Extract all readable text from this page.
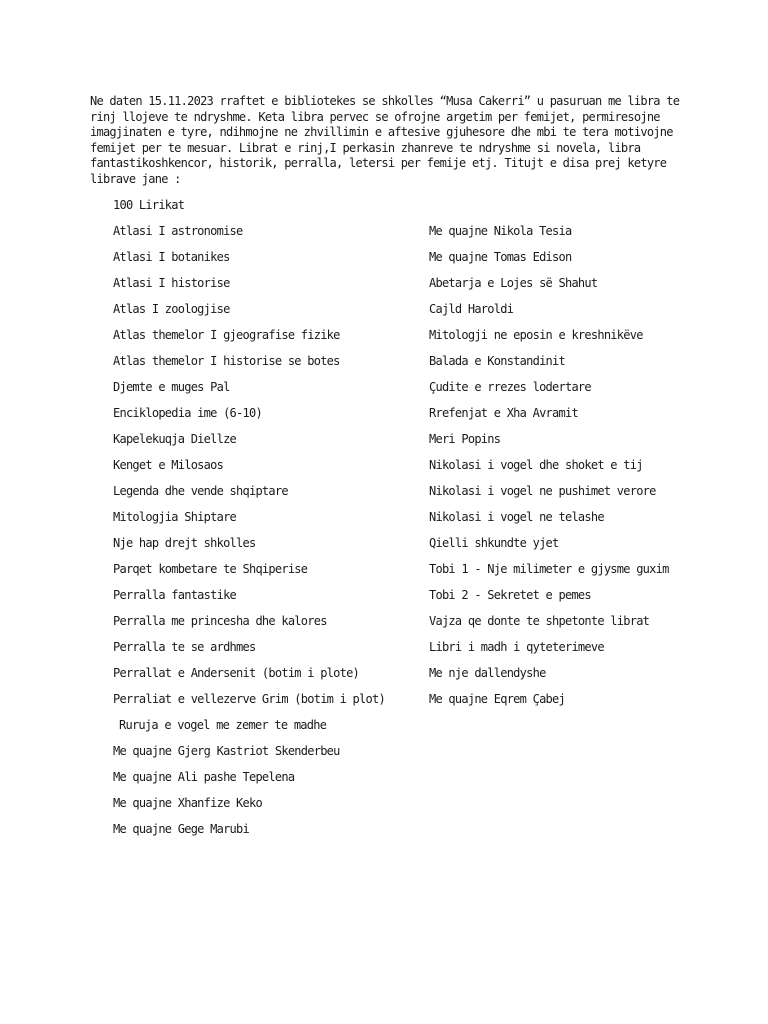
Ne daten 15.11.2023 rraftet e bibliotekes se shkolles “Musa Cakerri” u pasuruan me libra te
rinj llojeve te ndryshme. Keta libra pervec se ofrojne argetim per femijet, permiresojne
imagjinaten e tyre, ndihmojne ne zhvillimin e aftesive gjuhesore dhe mbi te tera motivojne
femijet per te mesuar. Librat e rinj,I perkasin zhanreve te ndryshme si novela, libra
fantastikoshkencor, historik, perralla, letersi per femije etj. Titujt e disa prej ketyre
librave jane :
100 Lirikat
Atlasi I astronomise
Atlasi I botanikes
Atlasi I historise
Atlas I zoologjise
Atlas themelor I gjeografise fizike
Atlas themelor I historise se botes
Djemte e muges Pal
Enciklopedia ime (6-10)
Kapelekuqja Diellze
Kenget e Milosaos
Legenda dhe vende shqiptare
Mitologjia Shiptare
Nje hap drejt shkolles
Parqet kombetare te Shqiperise
Perralla fantastike
Perralla me princesha dhe kalores
Perralla te se ardhmes
Perrallat e Andersenit (botim i plote)
Perraliat e vellezerve Grim (botim i plot)
Ruruja e vogel me zemer te madhe
Me quajne Gjerg Kastriot Skenderbeu
Me quajne Ali pashe Tepelena
Me quajne Xhanfize Keko
Me quajne Gege Marubi
Me quajne Nikola Tesia
Me quajne Tomas Edison
Abetarja e Lojes së Shahut
Cajld Haroldi
Mitologji ne eposin e kreshnikëve
Balada e Konstandinit
Çudite e rrezes lodertare
Rrefenjat e Xha Avramit
Meri Popins
Nikolasi i vogel dhe shoket e tij
Nikolasi i vogel ne pushimet verore
Nikolasi i vogel ne telashe
Qielli shkundte yjet
Tobi 1 - Nje milimeter e gjysme guxim
Tobi 2 - Sekretet e pemes
Vajza qe donte te shpetonte librat
Libri i madh i qyteterimeve
Me nje dallendyshe
Me quajne Eqrem Çabej
